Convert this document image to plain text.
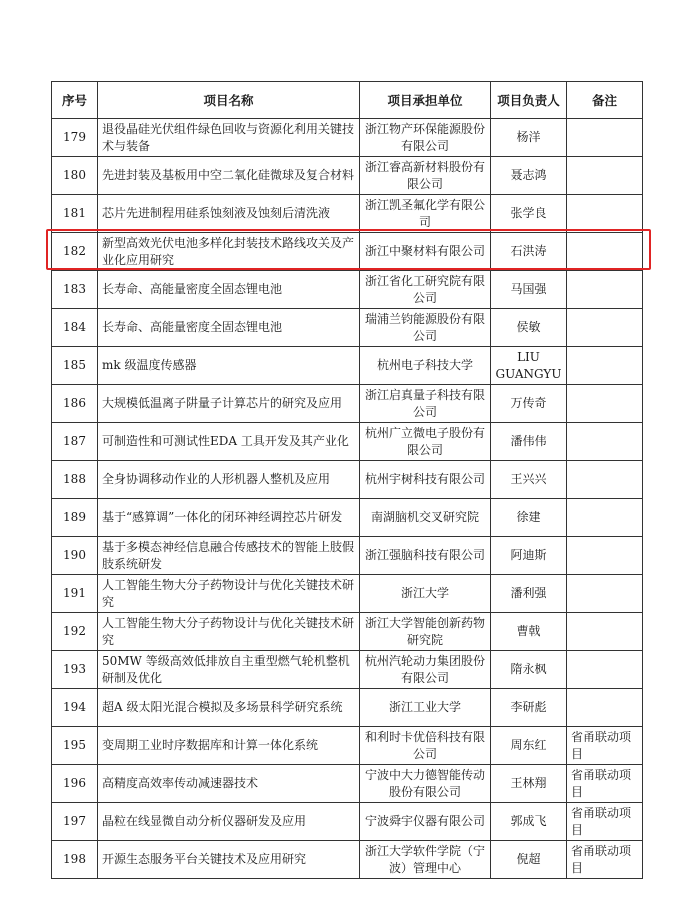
序号	项目名称	项目承担单位	项目负责人	备注
179	退役晶硅光伏组件绿色回收与资源化利用关键技术与装备	浙江物产环保能源股份有限公司	杨洋	
180	先进封装及基板用中空二氧化硅微球及复合材料	浙江睿高新材料股份有限公司	聂志鸿	
181	芯片先进制程用硅系蚀刻液及蚀刻后清洗液	浙江凯圣氟化学有限公司	张学良	
182	新型高效光伏电池多样化封装技术路线攻关及产业化应用研究	浙江中聚材料有限公司	石洪涛	
183	长寿命、高能量密度全固态锂电池	浙江省化工研究院有限公司	马国强	
184	长寿命、高能量密度全固态锂电池	瑞浦兰钧能源股份有限公司	侯敏	
185	mk 级温度传感器	杭州电子科技大学	LIU GUANGYU	
186	大规模低温离子阱量子计算芯片的研究及应用	浙江启真量子科技有限公司	万传奇	
187	可制造性和可测试性EDA 工具开发及其产业化	杭州广立微电子股份有限公司	潘伟伟	
188	全身协调移动作业的人形机器人整机及应用	杭州宇树科技有限公司	王兴兴	
189	基于“感算调”一体化的闭环神经调控芯片研发	南湖脑机交叉研究院	徐建	
190	基于多模态神经信息融合传感技术的智能上肢假肢系统研发	浙江强脑科技有限公司	阿迪斯	
191	人工智能生物大分子药物设计与优化关键技术研究	浙江大学	潘利强	
192	人工智能生物大分子药物设计与优化关键技术研究	浙江大学智能创新药物研究院	曹戟	
193	50MW 等级高效低排放自主重型燃气轮机整机研制及优化	杭州汽轮动力集团股份有限公司	隋永枫	
194	超A 级太阳光混合模拟及多场景科学研究系统	浙江工业大学	李研彪	
195	变周期工业时序数据库和计算一体化系统	和利时卡优倍科技有限公司	周东红	省甬联动项目
196	高精度高效率传动减速器技术	宁波中大力德智能传动股份有限公司	王林翔	省甬联动项目
197	晶粒在线显微自动分析仪器研发及应用	宁波舜宇仪器有限公司	郭成飞	省甬联动项目
198	开源生态服务平台关键技术及应用研究	浙江大学软件学院（宁波）管理中心	倪超	省甬联动项目
